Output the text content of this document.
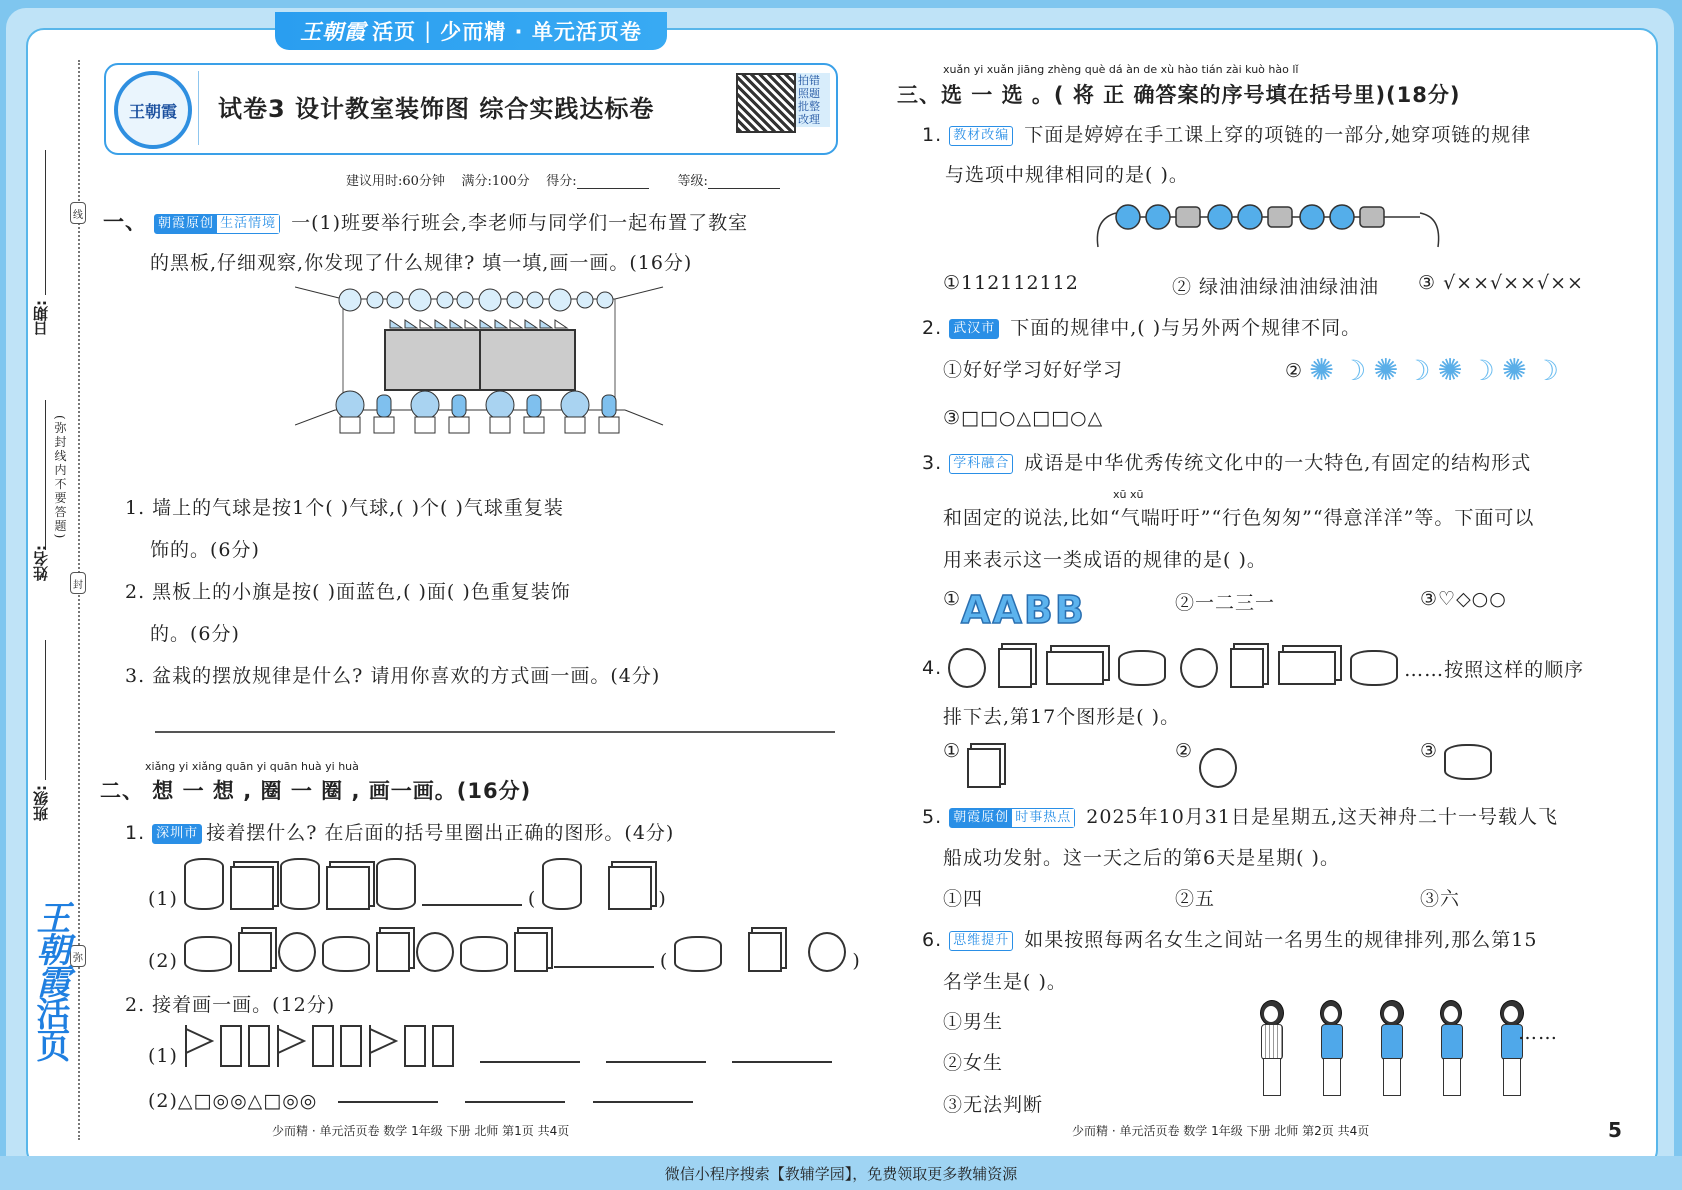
王朝霞 活页 | 少而精 · 单元活页卷
线
封
弥
日期:
姓名:
(弥封线内不要答题)
班级:
王朝霞活页
王朝霞	试卷3 设计教室装饰图 综合实践达标卷
拍错照题批整改理
建议用时:60分钟 满分:100分 得分:	等级:
一、 朝霞原创 生活情境 一(1)班要举行班会,李老师与同学们一起布置了教室
的黑板,仔细观察,你发现了什么规律? 填一填,画一画。(16分)
1. 墙上的气球是按1个( )气球,( )个( )气球重复装
饰的。(6分)
2. 黑板上的小旗是按( )面蓝色,( )面( )色重复装饰
的。(6分)
3. 盆栽的摆放规律是什么? 请用你喜欢的方式画一画。(4分)
xiǎng yi xiǎng quān yi quān huà yi huà
二、 想 一 想 , 圈 一 圈 , 画一画。(16分)
1. 深圳市 接着摆什么? 在后面的括号里圈出正确的图形。(4分)
(1)	(	)
(2)	(	)
2. 接着画一画。(12分)
(1)
(2)△□◎◎△□◎◎
少而精 · 单元活页卷 数学 1年级 下册 北师 第1页 共4页
xuǎn yi xuǎn jiāng zhèng què dá àn de xù hào tián zài kuò hào lǐ
三、选 一 选 。( 将 正 确答案的序号填在括号里)(18分)
1. 教材改编 下面是婷婷在手工课上穿的项链的一部分,她穿项链的规律
与选项中规律相同的是( )。
①112112112	② 绿油油绿油油绿油油 ③ √××√××√××
2. 武汉市 下面的规律中,( )与另外两个规律不同。
①好好学习好好学习	② ✺ ☽ ✺ ☽ ✺ ☽ ✺ ☽
③□□○△□□○△
3. 学科融合 成语是中华优秀传统文化中的一大特色,有固定的结构形式
xū xū
和固定的说法,比如“气喘吁吁”“行色匆匆”“得意洋洋”等。下面可以
用来表示这一类成语的规律的是( )。
① AABB	②一二三一	③♡◇○○
4.	……按照这样的顺序
排下去,第17个图形是( )。
①	②	③
5. 朝霞原创 时事热点 2025年10月31日是星期五,这天神舟二十一号载人飞
船成功发射。这一天之后的第6天是星期( )。
①四	②五	③六
6. 思维提升 如果按照每两名女生之间站一名男生的规律排列,那么第15
名学生是( )。
①男生
②女生
③无法判断
……
少而精 · 单元活页卷 数学 1年级 下册 北师 第2页 共4页	5
微信小程序搜索【教辅学园】，免费领取更多教辅资源
